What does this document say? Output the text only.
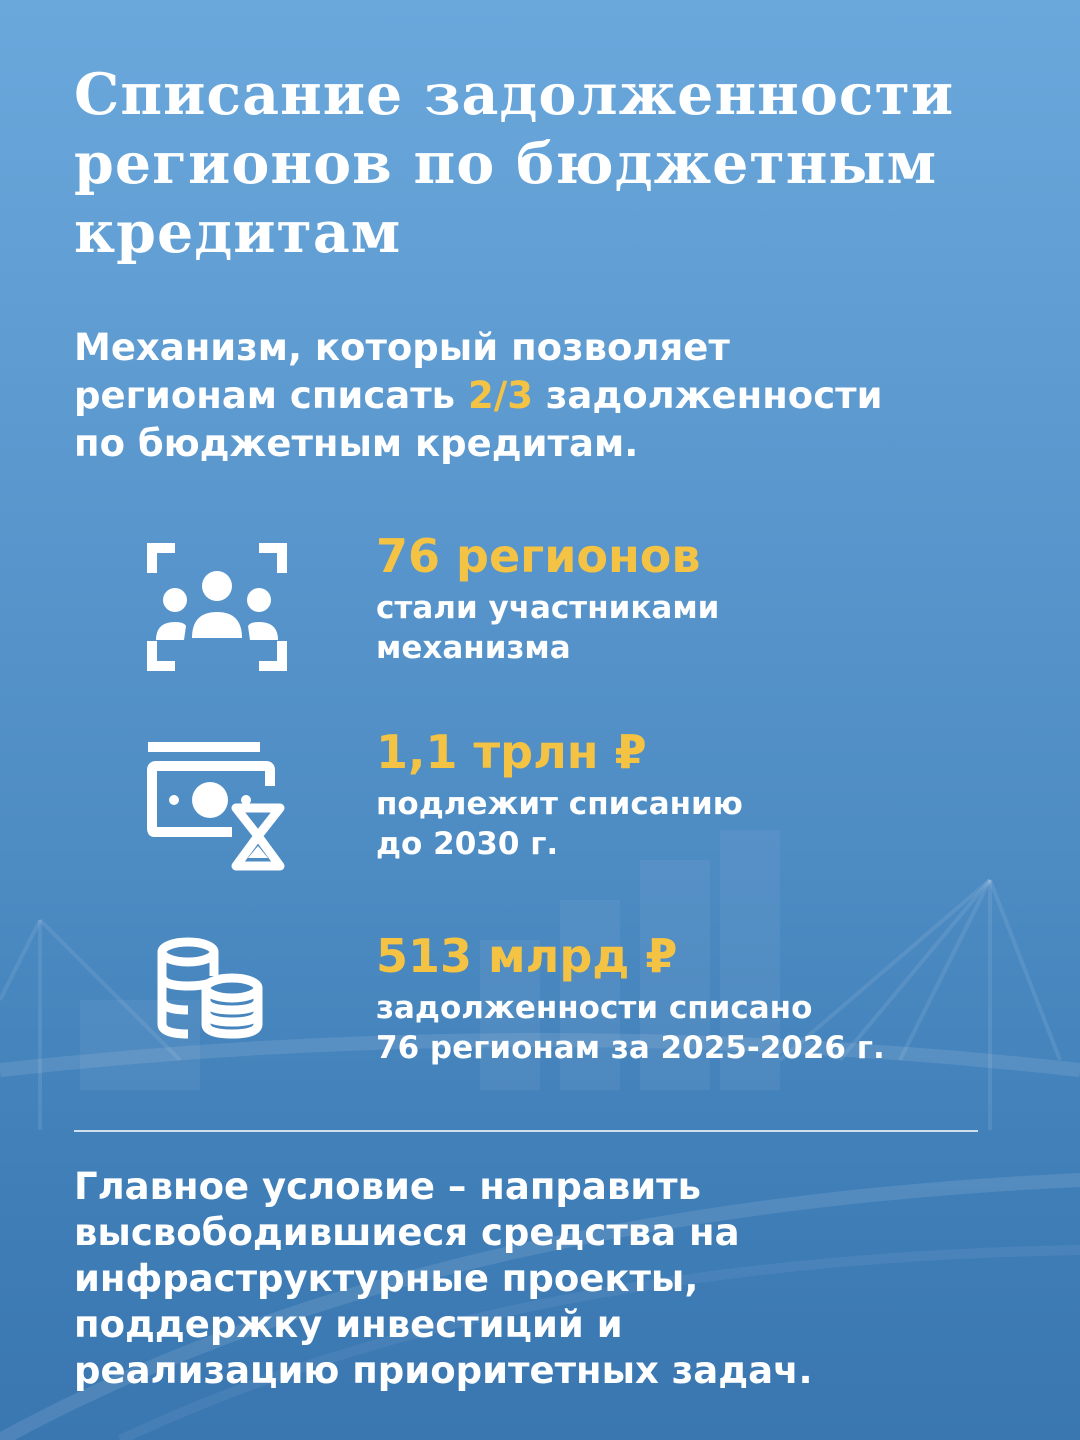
Списание задолженности
регионов по бюджетным
кредитам

Механизм, который позволяет
регионам списать 2/3 задолженности
по бюджетным кредитам.

76 регионов

стали участниками
механизма

1,1 трлн ₽

подлежит списанию
до 2030 г.

513 млрд ₽

задолженности списано
76 регионам за 2025-2026 г.

Главное условие – направить
высвободившиеся средства на
инфраструктурные проекты,
поддержку инвестиций и
реализацию приоритетных задач.
